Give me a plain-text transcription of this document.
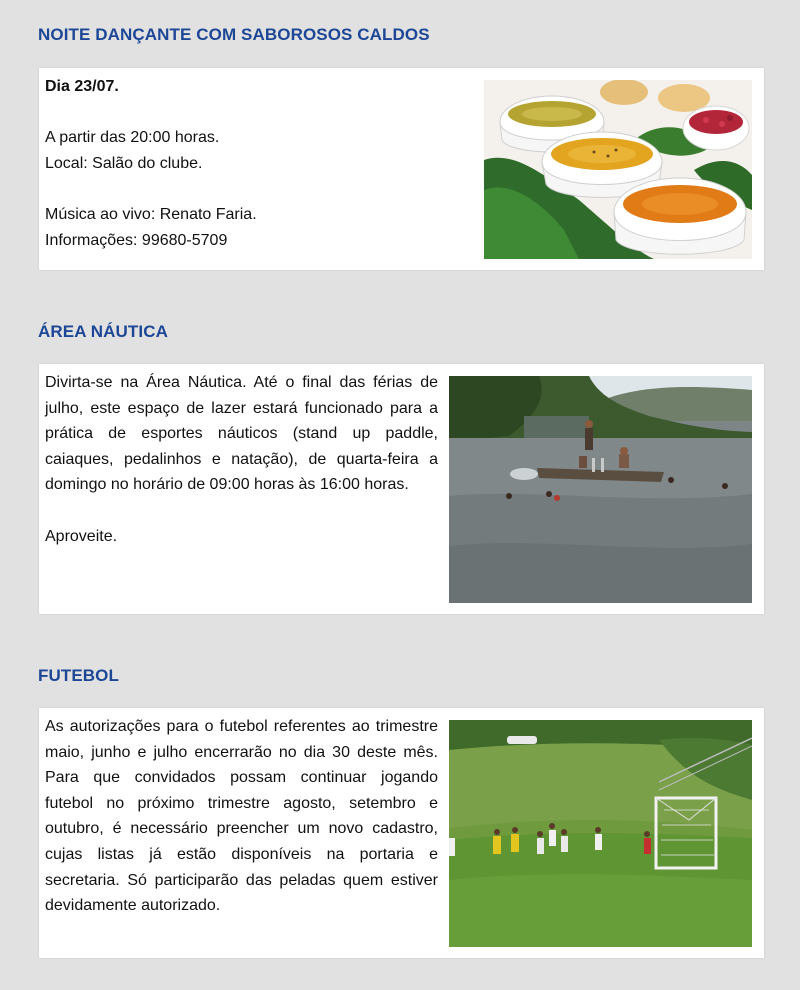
NOITE DANÇANTE COM SABOROSOS CALDOS

Dia 23/07.

A partir das 20:00 horas.

Local: Salão do clube.

Música ao vivo: Renato Faria.

Informações: 99680-5709

ÁREA NÁUTICA

Divirta-se na Área Náutica. Até o final das férias de julho, este espaço de lazer estará funcionado para a prática de esportes náuticos (stand up paddle, caiaques, pedalinhos e natação), de quarta-feira a domingo no horário de 09:00 horas às 16:00 horas.

Aproveite.

FUTEBOL

As autorizações para o futebol referentes ao trimestre maio, junho e julho encerrarão no dia 30 deste mês. Para que convidados possam continuar jogando futebol no próximo trimestre agosto, setembro e outubro, é necessário preencher um novo cadastro, cujas listas já estão disponíveis na portaria e secretaria. Só participarão das peladas quem estiver devidamente autorizado.
